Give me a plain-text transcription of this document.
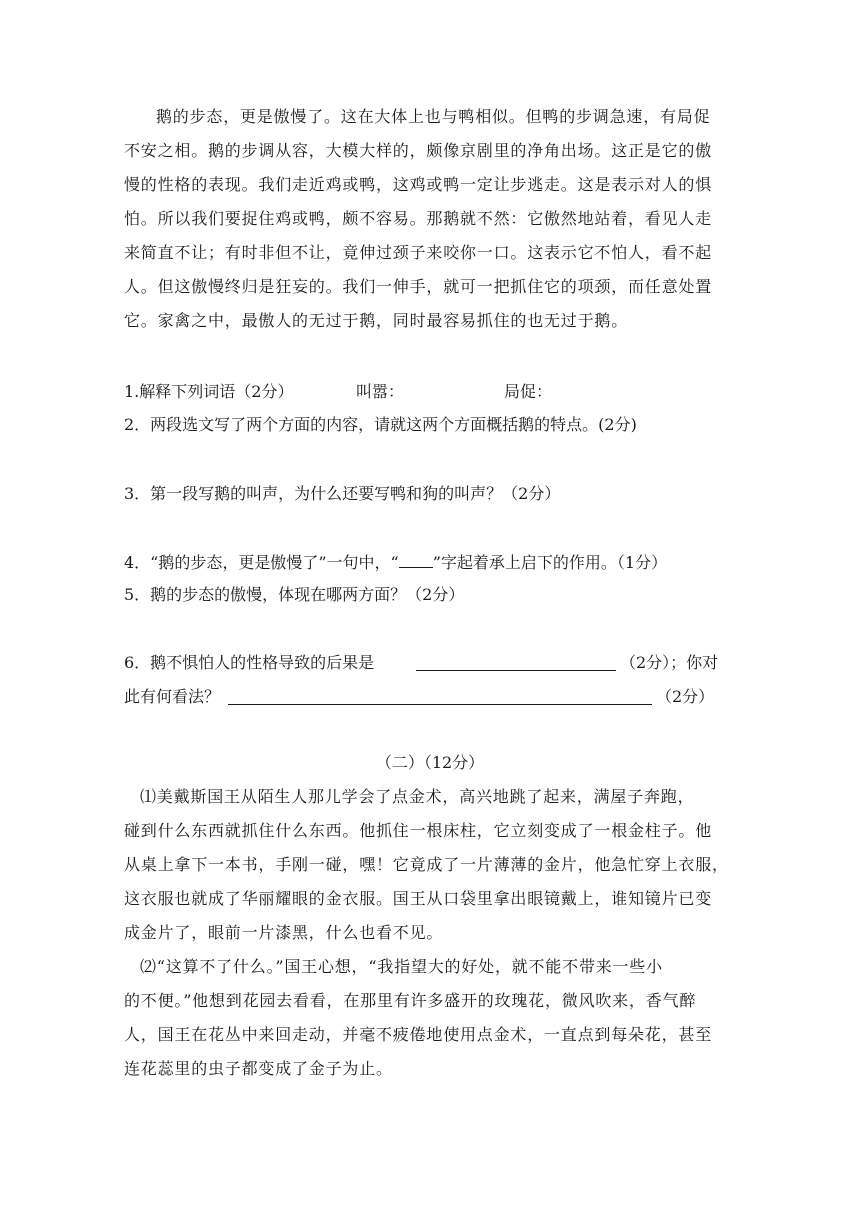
鹅的步态，更是傲慢了。这在大体上也与鸭相似。但鸭的步调急速，有局促
不安之相。鹅的步调从容，大模大样的，颇像京剧里的净角出场。这正是它的傲
慢的性格的表现。我们走近鸡或鸭，这鸡或鸭一定让步逃走。这是表示对人的惧
怕。所以我们要捉住鸡或鸭，颇不容易。那鹅就不然：它傲然地站着，看见人走
来简直不让；有时非但不让，竟伸过颈子来咬你一口。这表示它不怕人，看不起
人。但这傲慢终归是狂妄的。我们一伸手，就可一把抓住它的项颈，而任意处置
它。家禽之中，最傲人的无过于鹅，同时最容易抓住的也无过于鹅。
1.解释下列词语（2分）	叫嚣：	局促：
2．两段选文写了两个方面的内容，请就这两个方面概括鹅的特点。(2分)
3．第一段写鹅的叫声，为什么还要写鸭和狗的叫声？（2分）
4．“鹅的步态，更是傲慢了”一句中，“ ”字起着承上启下的作用。（1分）
5．鹅的步态的傲慢，体现在哪两方面？（2分）
6．鹅不惧怕人的性格导致的后果是	（2分）；你对
此有何看法？	（2分）
（二）（12分）
⑴美戴斯国王从陌生人那儿学会了点金术，高兴地跳了起来，满屋子奔跑，
碰到什么东西就抓住什么东西。他抓住一根床柱，它立刻变成了一根金柱子。他
从桌上拿下一本书，手刚一碰，嘿！它竟成了一片薄薄的金片，他急忙穿上衣服，
这衣服也就成了华丽耀眼的金衣服。国王从口袋里拿出眼镜戴上，谁知镜片已变
成金片了，眼前一片漆黑，什么也看不见。
⑵“这算不了什么。”国王心想，“我指望大的好处，就不能不带来一些小
的不便。”他想到花园去看看，在那里有许多盛开的玫瑰花，微风吹来，香气醉
人，国王在花丛中来回走动，并毫不疲倦地使用点金术，一直点到每朵花，甚至
连花蕊里的虫子都变成了金子为止。
